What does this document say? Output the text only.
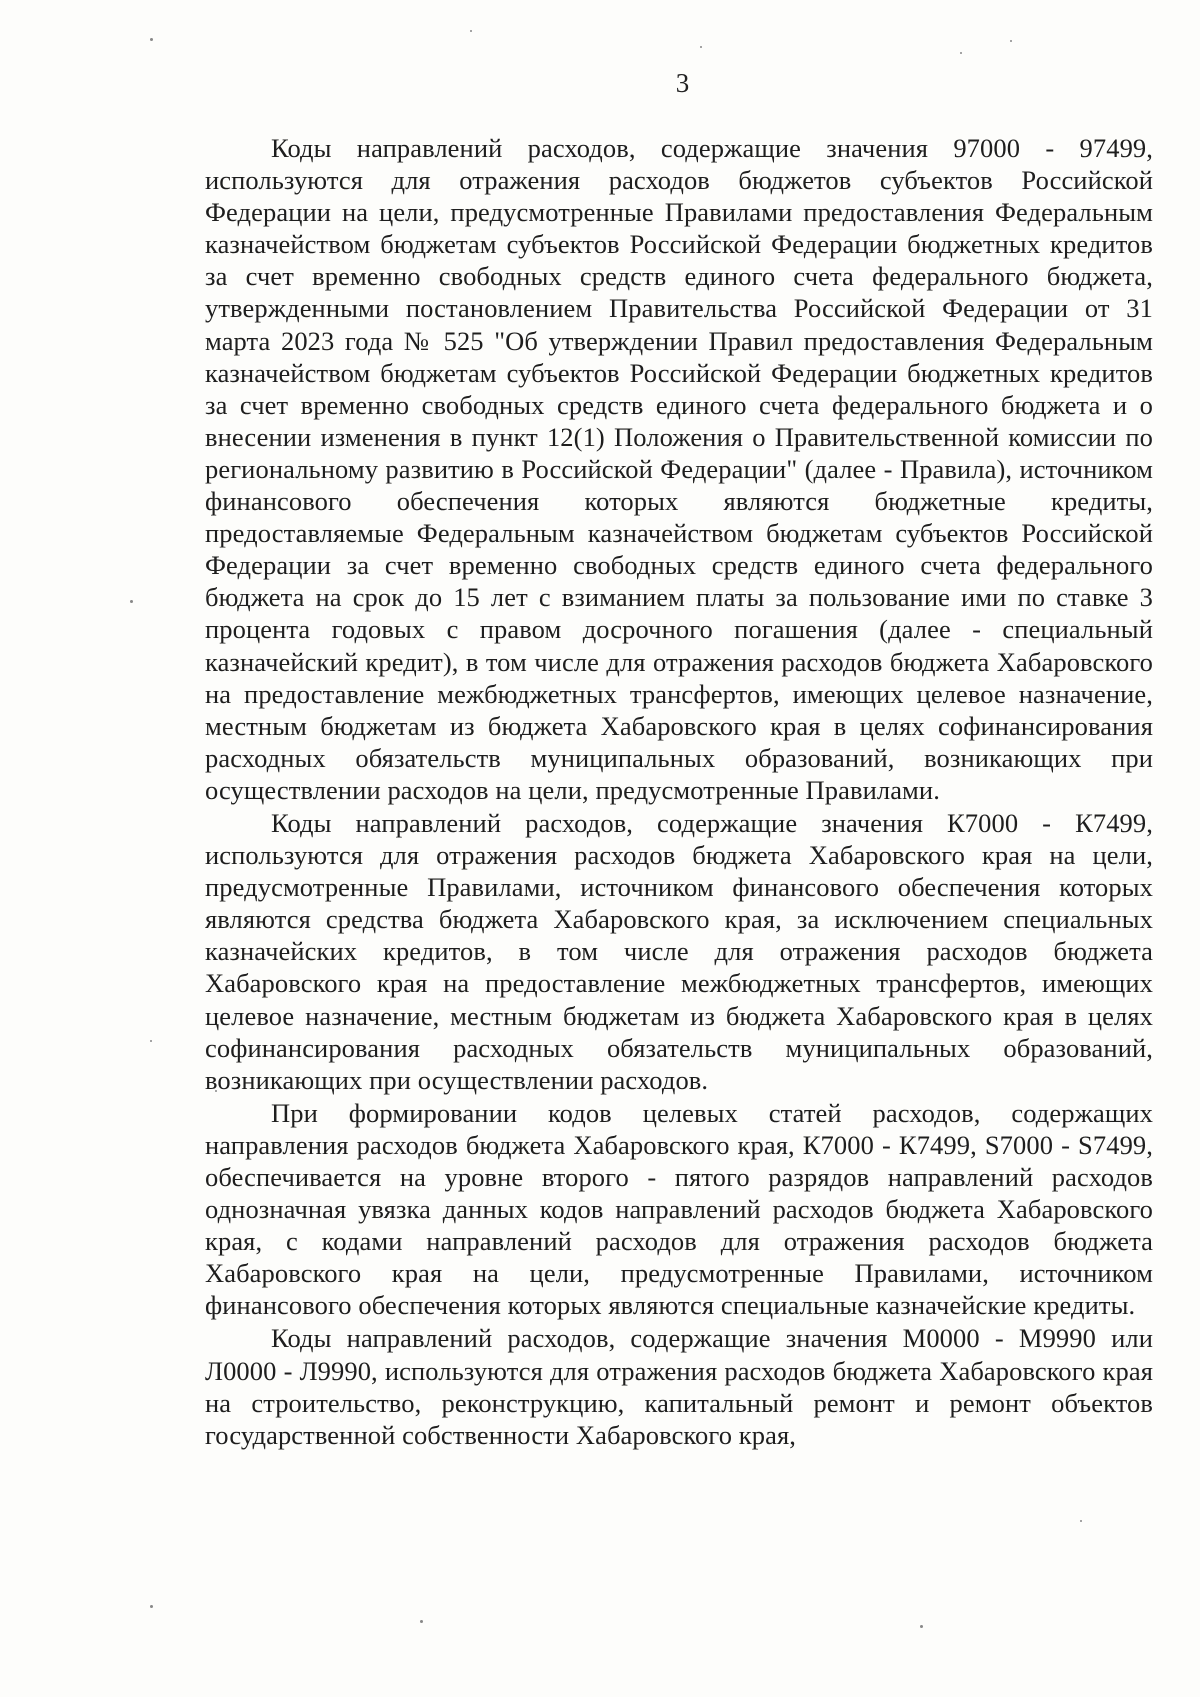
3

Коды направлений расходов, содержащие значения 97000 - 97499, используются для отражения расходов бюджетов субъектов Российской Федерации на цели, предусмотренные Правилами предоставления Федеральным казначейством бюджетам субъектов Российской Федерации бюджетных кредитов за счет временно свободных средств единого счета федерального бюджета, утвержденными постановлением Правительства Российской Федерации от 31 марта 2023 года № 525 "Об утверждении Правил предоставления Федеральным казначейством бюджетам субъектов Российской Федерации бюджетных кредитов за счет временно свободных средств единого счета федерального бюджета и о внесении изменения в пункт 12(1) Положения о Правительственной комиссии по региональному развитию в Российской Федерации" (далее - Правила), источником финансового обеспечения которых являются бюджетные кредиты, предоставляемые Федеральным казначейством бюджетам субъектов Российской Федерации за счет временно свободных средств единого счета федерального бюджета на срок до 15 лет с взиманием платы за пользование ими по ставке 3 процента годовых с правом досрочного погашения (далее - специальный казначейский кредит), в том числе для отражения расходов бюджета Хабаровского на предоставление межбюджетных трансфертов, имеющих целевое назначение, местным бюджетам из бюджета Хабаровского края в целях софинансирования расходных обязательств муниципальных образований, возникающих при осуществлении расходов на цели, предусмотренные Правилами.

Коды направлений расходов, содержащие значения К7000 - К7499, используются для отражения расходов бюджета Хабаровского края на цели, предусмотренные Правилами, источником финансового обеспечения которых являются средства бюджета Хабаровского края, за исключением специальных казначейских кредитов, в том числе для отражения расходов бюджета Хабаровского края на предоставление межбюджетных трансфертов, имеющих целевое назначение, местным бюджетам из бюджета Хабаровского края в целях софинансирования расходных обязательств муниципальных образований, возникающих при осуществлении расходов.

При формировании кодов целевых статей расходов, содержащих направления расходов бюджета Хабаровского края, К7000 - К7499, S7000 - S7499, обеспечивается на уровне второго - пятого разрядов направлений расходов однозначная увязка данных кодов направлений расходов бюджета Хабаровского края, с кодами направлений расходов для отражения расходов бюджета Хабаровского края на цели, предусмотренные Правилами, источником финансового обеспечения которых являются специальные казначейские кредиты.

Коды направлений расходов, содержащие значения М0000 - М9990 или Л0000 - Л9990, используются для отражения расходов бюджета Хабаровского края на строительство, реконструкцию, капитальный ремонт и ремонт объектов государственной собственности Хабаровского края,
